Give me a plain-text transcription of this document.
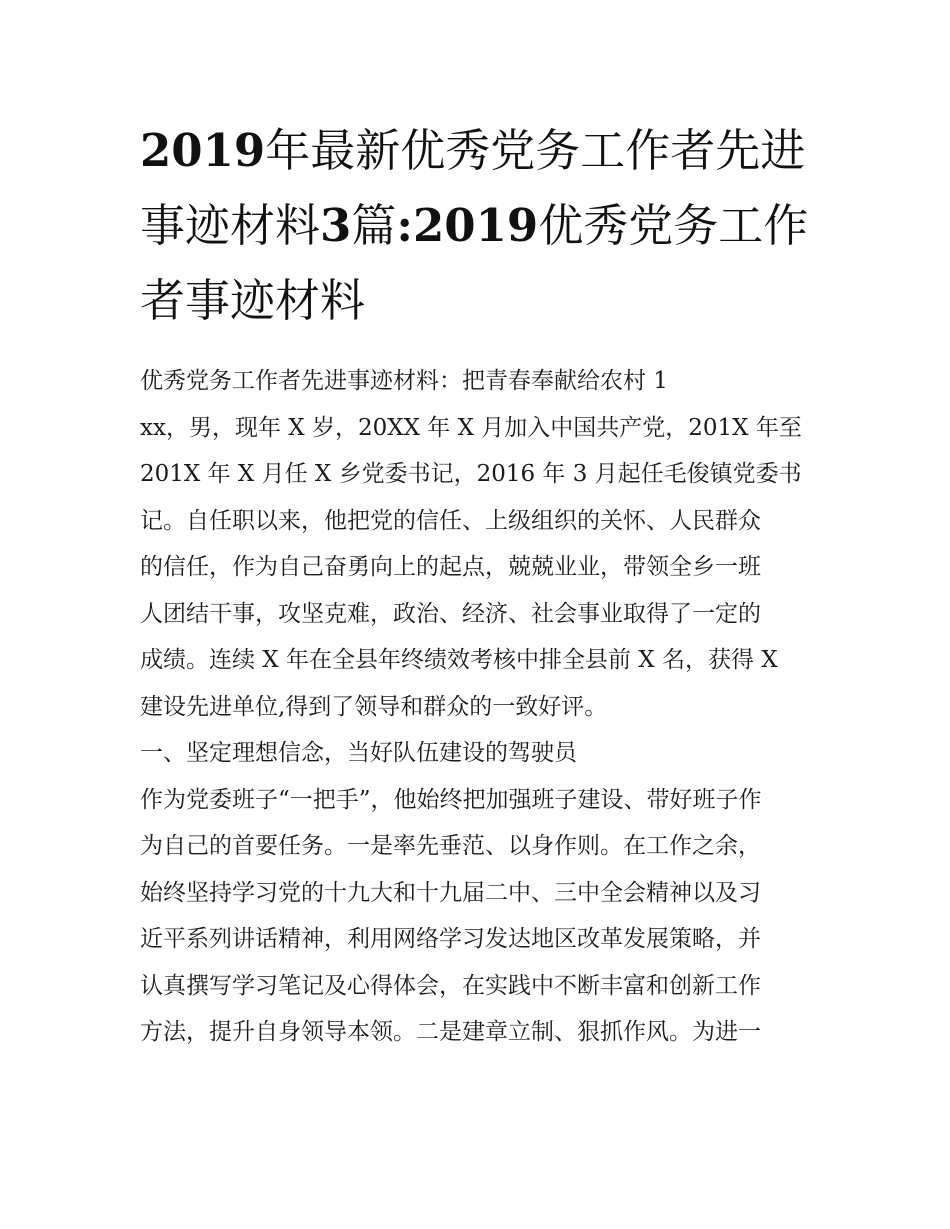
2019年最新优秀党务工作者先进事迹材料3篇:2019优秀党务工作者事迹材料
优秀党务工作者先进事迹材料：把青春奉献给农村 1
xx，男，现年 X 岁，20XX 年 X 月加入中国共产党，201X 年至
201X 年 X 月任 X 乡党委书记，2016 年 3 月起任毛俊镇党委书
记。自任职以来，他把党的信任、上级组织的关怀、人民群众
的信任，作为自己奋勇向上的起点，兢兢业业，带领全乡一班
人团结干事，攻坚克难，政治、经济、社会事业取得了一定的
成绩。连续 X 年在全县年终绩效考核中排全县前 X 名，获得 X
建设先进单位,得到了领导和群众的一致好评。
一、坚定理想信念，当好队伍建设的驾驶员
作为党委班子“一把手”，他始终把加强班子建设、带好班子作
为自己的首要任务。一是率先垂范、以身作则。在工作之余，
始终坚持学习党的十九大和十九届二中、三中全会精神以及习
近平系列讲话精神，利用网络学习发达地区改革发展策略，并
认真撰写学习笔记及心得体会，在实践中不断丰富和创新工作
方法，提升自身领导本领。二是建章立制、狠抓作风。为进一
